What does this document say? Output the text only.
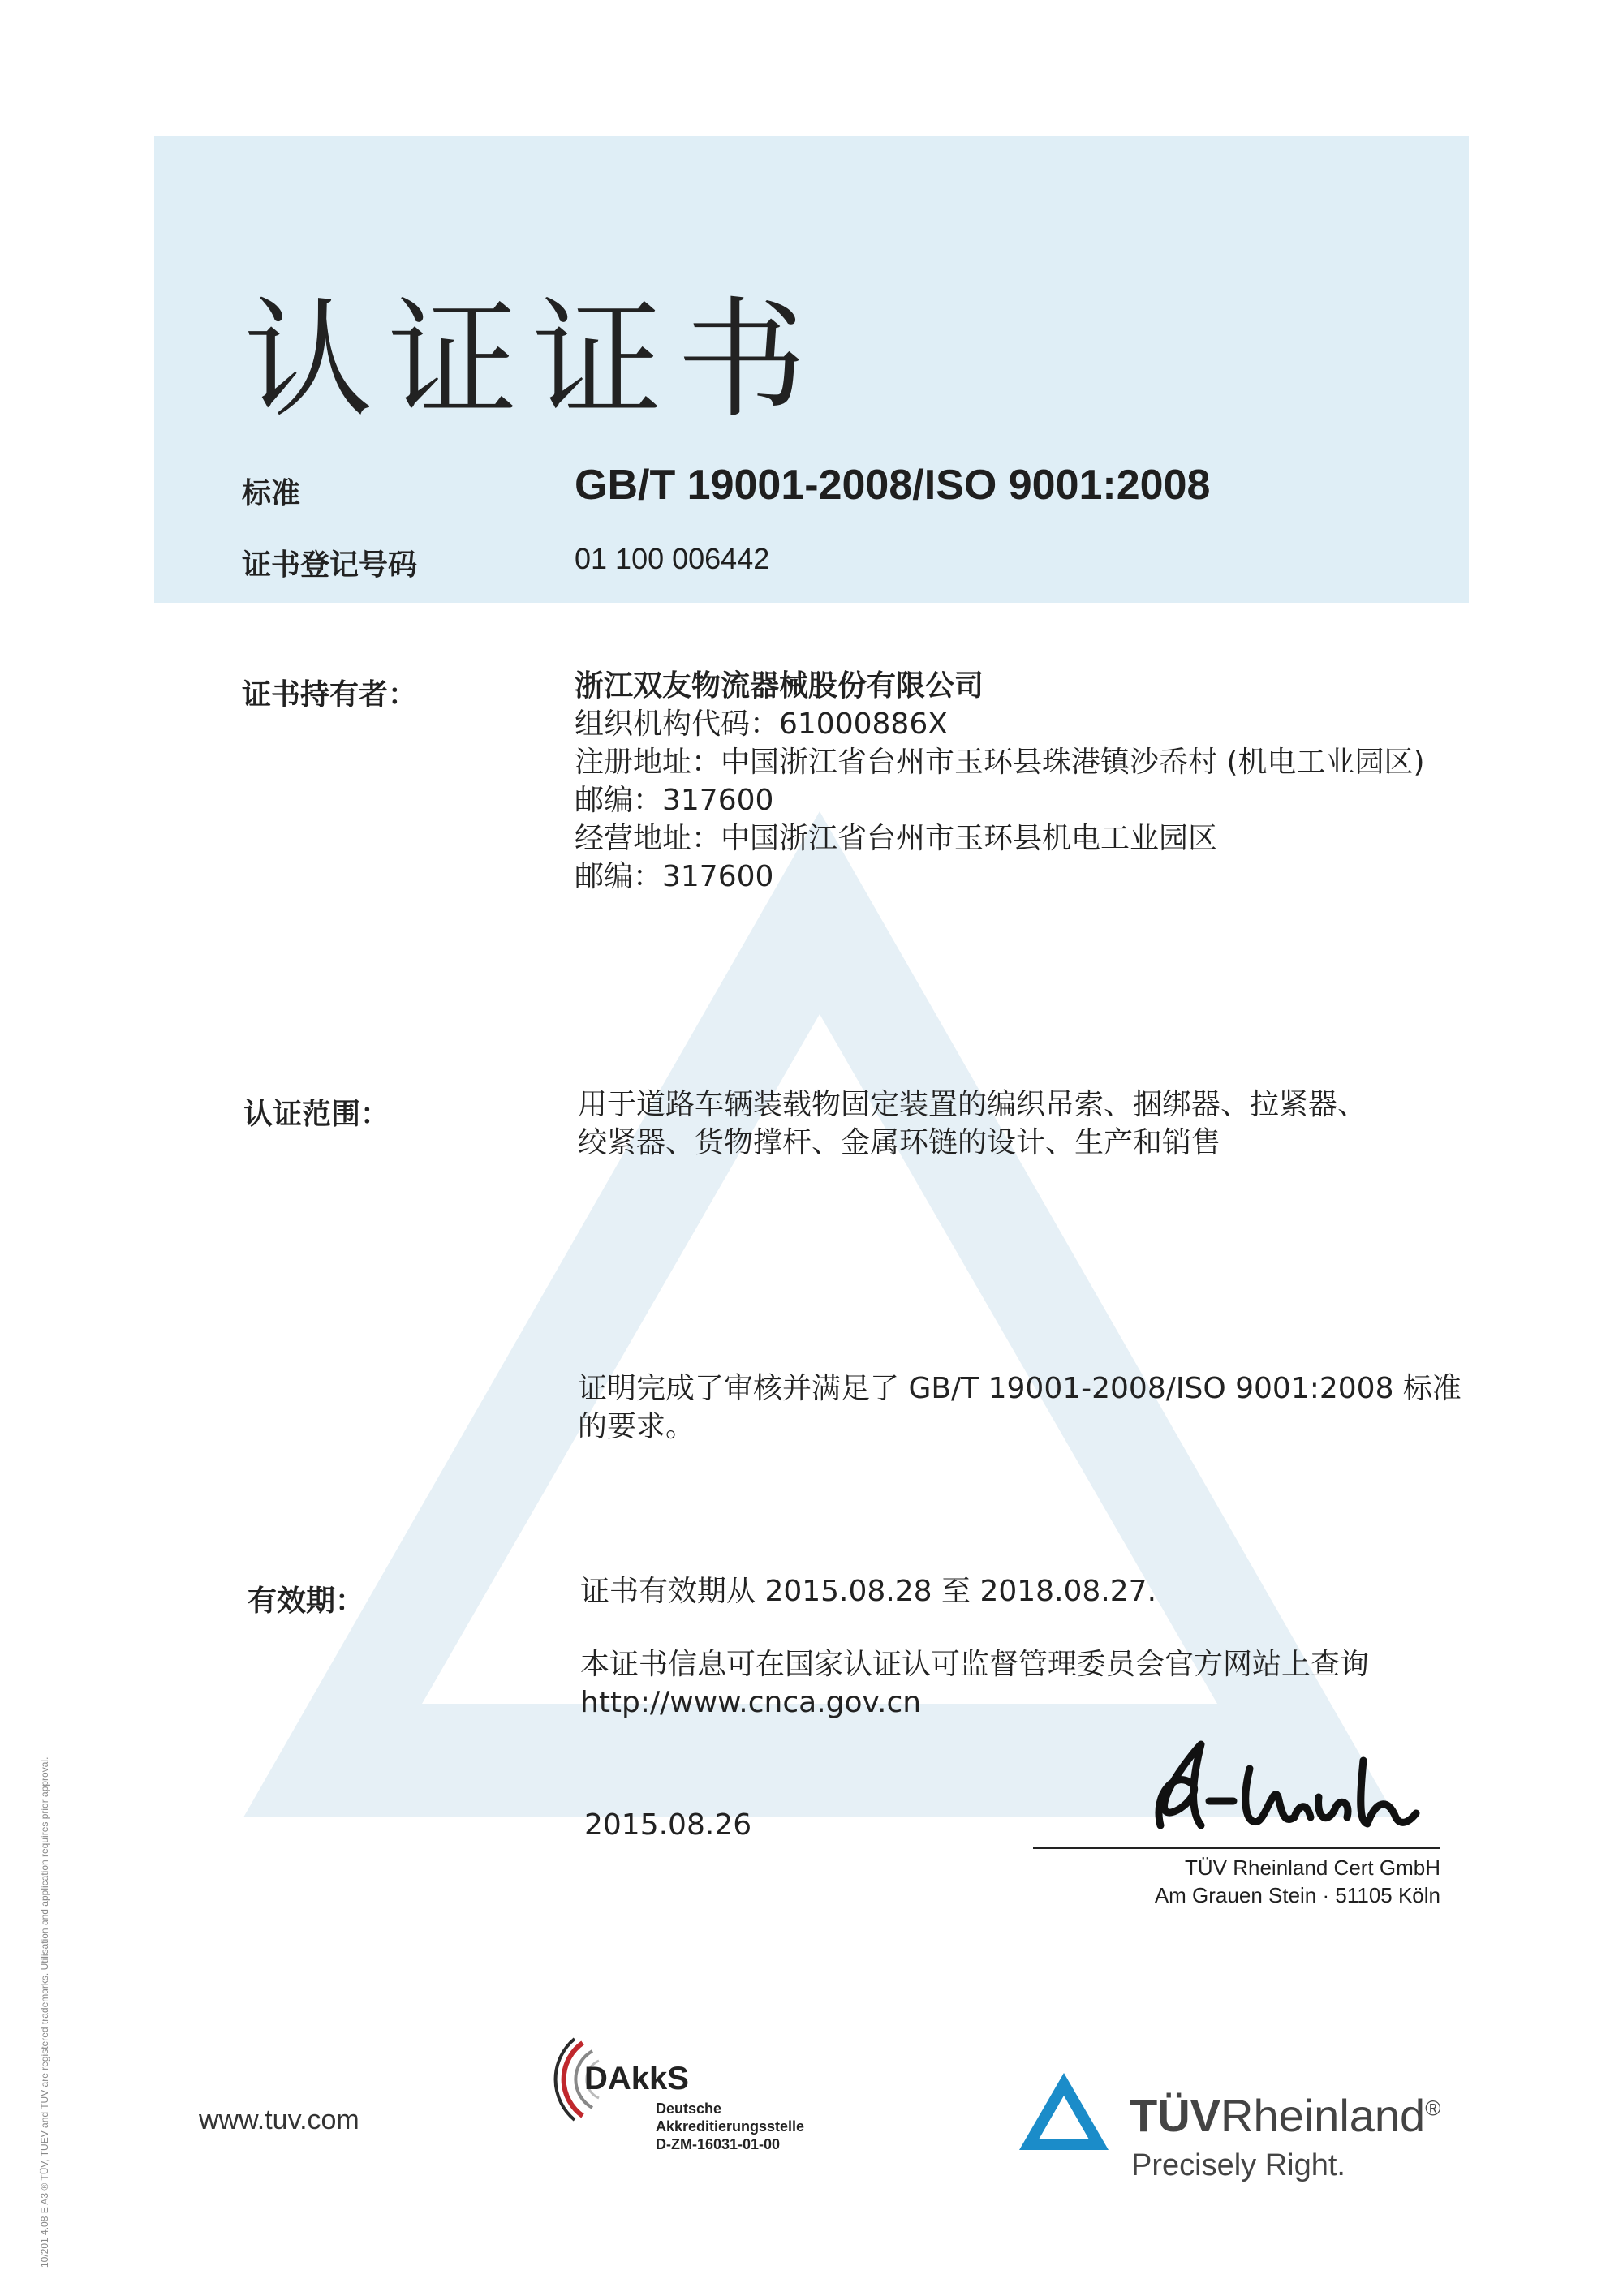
认证证书
标准	GB/T 19001-2008/ISO 9001:2008
证书登记号码	01 100 006442
证书持有者：	浙江双友物流器械股份有限公司
组织机构代码：61000886X
注册地址：中国浙江省台州市玉环县珠港镇沙岙村 (机电工业园区)
邮编：317600
经营地址：中国浙江省台州市玉环县机电工业园区
邮编：317600
认证范围：	用于道路车辆装载物固定装置的编织吊索、捆绑器、拉紧器、
绞紧器、货物撑杆、金属环链的设计、生产和销售
证明完成了审核并满足了 GB/T 19001-2008/ISO 9001:2008 标准
的要求。
有效期：	证书有效期从 2015.08.28 至 2018.08.27.
本证书信息可在国家认证认可监督管理委员会官方网站上查询
http://www.cnca.gov.cn
2015.08.26
TÜV Rheinland Cert GmbH
Am Grauen Stein · 51105 Köln
www.tuv.com
DAkkS
Deutsche
Akkreditierungsstelle
D-ZM-16031-01-00
TÜVRheinland®
Precisely Right.
10/201 4.08 E A3 ® TÜV, TUEV and TUV are registered trademarks. Utilisation and application requires prior approval.
